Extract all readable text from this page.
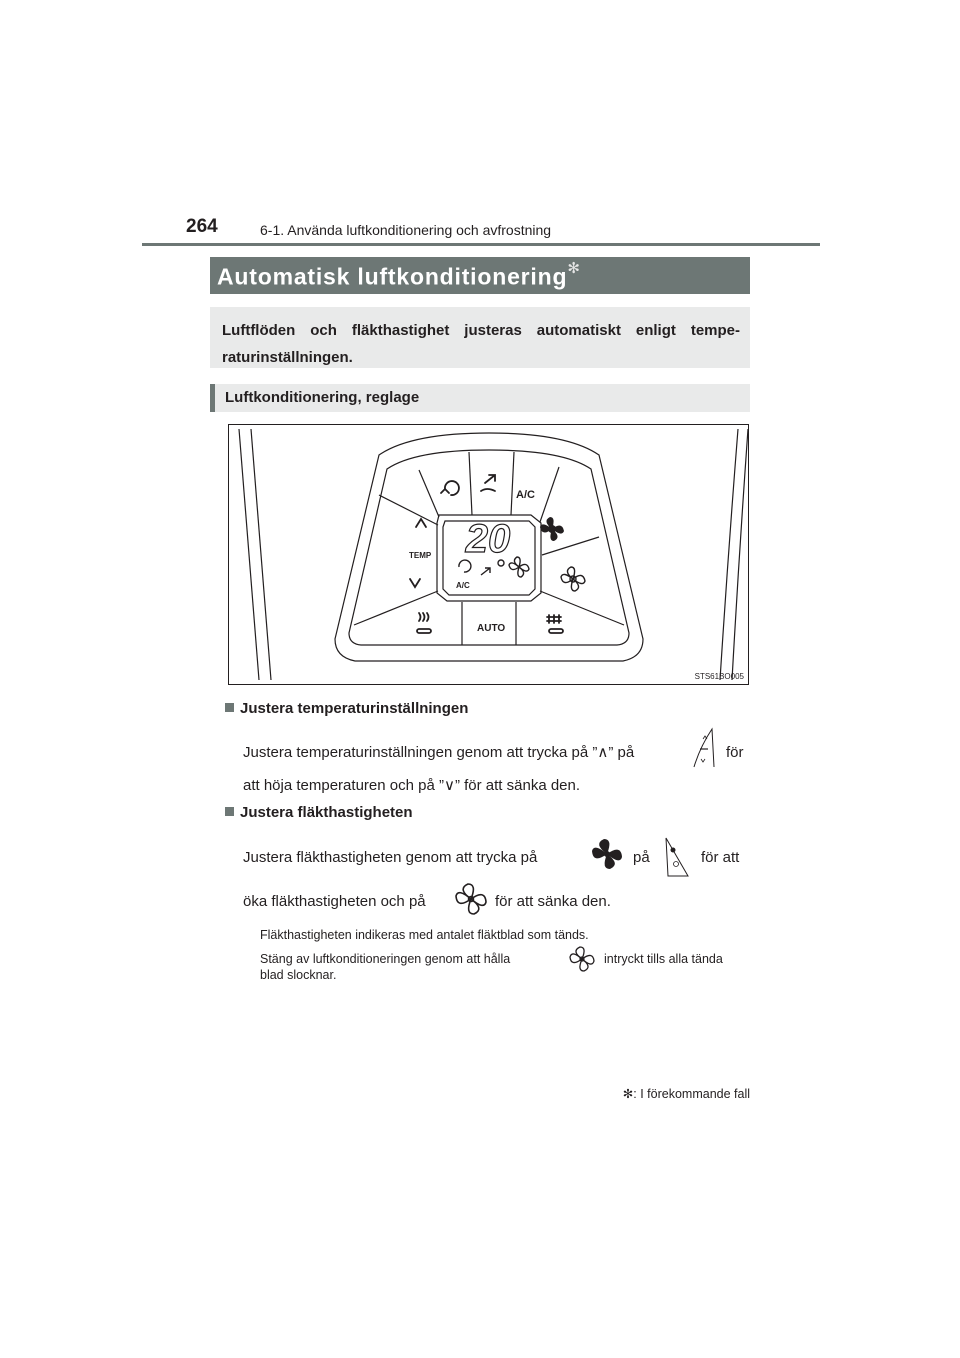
264	6-1. Använda luftkonditionering och avfrostning
Automatisk luftkonditionering✻
Luftflöden och fläkthastighet justeras automatiskt enligt tempe-raturinställningen.
Luftkonditionering, reglage
20
A/C
TEMP
A/C
AUTO
STS61BO005
Justera temperaturinställningen
Justera temperaturinställningen genom att trycka på ”∧” på	för
att höja temperaturen och på ”∨” för att sänka den.
Justera fläkthastigheten
Justera fläkthastigheten genom att trycka på	på	för att
öka fläkthastigheten och på	för att sänka den.
Fläkthastigheten indikeras med antalet fläktblad som tänds.
Stäng av luftkonditioneringen genom att hålla	intryckt tills alla tända
blad slocknar.
✻: I förekommande fall
